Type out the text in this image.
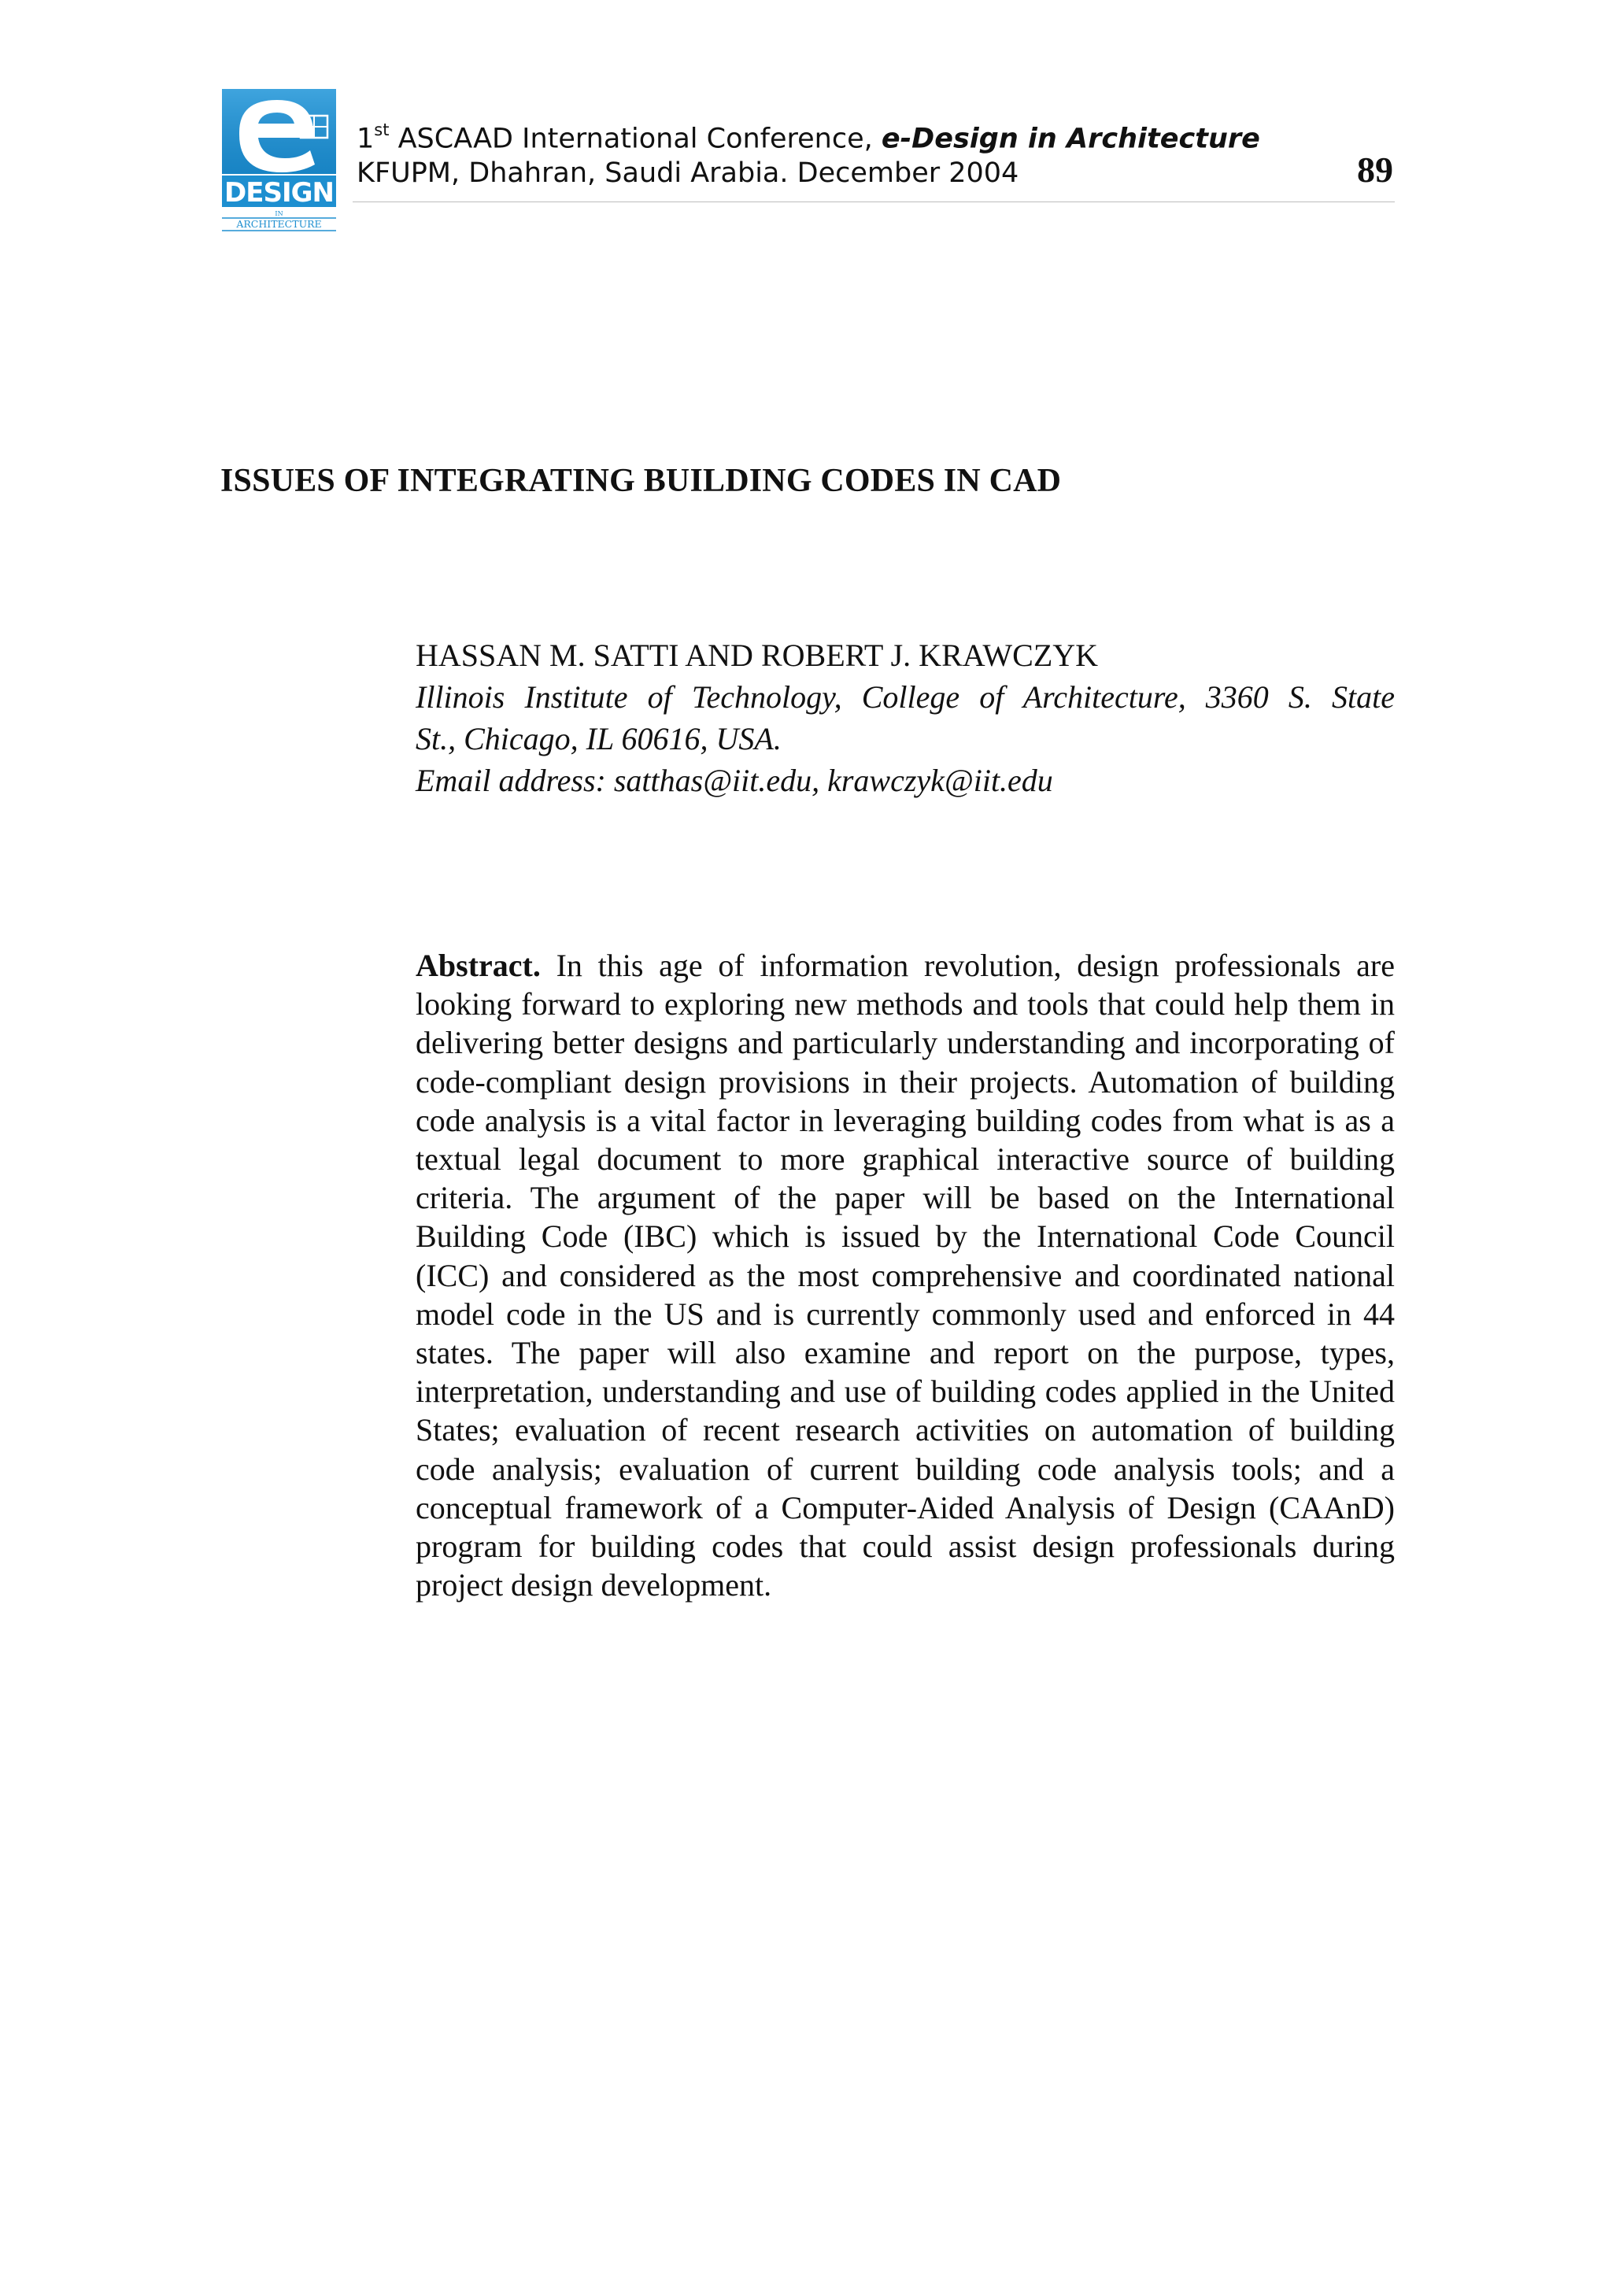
DESIGN
IN
ARCHITECTURE
1st ASCAAD International Conference, e-Design in Architecture
KFUPM, Dhahran, Saudi Arabia. December 2004	89
ISSUES OF INTEGRATING BUILDING CODES IN CAD
HASSAN M. SATTI AND ROBERT J. KRAWCZYK
Illinois Institute of Technology, College of Architecture, 3360 S. State
St., Chicago, IL 60616, USA.
Email address: satthas@iit.edu, krawczyk@iit.edu
Abstract. In this age of information revolution, design professionals are looking forward to exploring new methods and tools that could help them in delivering better designs and particularly understanding and incorporating of code-compliant design provisions in their projects. Automation of building code analysis is a vital factor in leveraging building codes from what is as a textual legal document to more graphical interactive source of building criteria. The argument of the paper will be based on the International Building Code (IBC) which is issued by the International Code Council (ICC) and considered as the most comprehensive and coordinated national model code in the US and is currently commonly used and enforced in 44 states. The paper will also examine and report on the purpose, types, interpretation, understanding and use of building codes applied in the United States; evaluation of recent research activities on automation of building code analysis; evaluation of current building code analysis tools; and a conceptual framework of a Computer-Aided Analysis of Design (CAAnD) program for building codes that could assist design professionals during project design development.
